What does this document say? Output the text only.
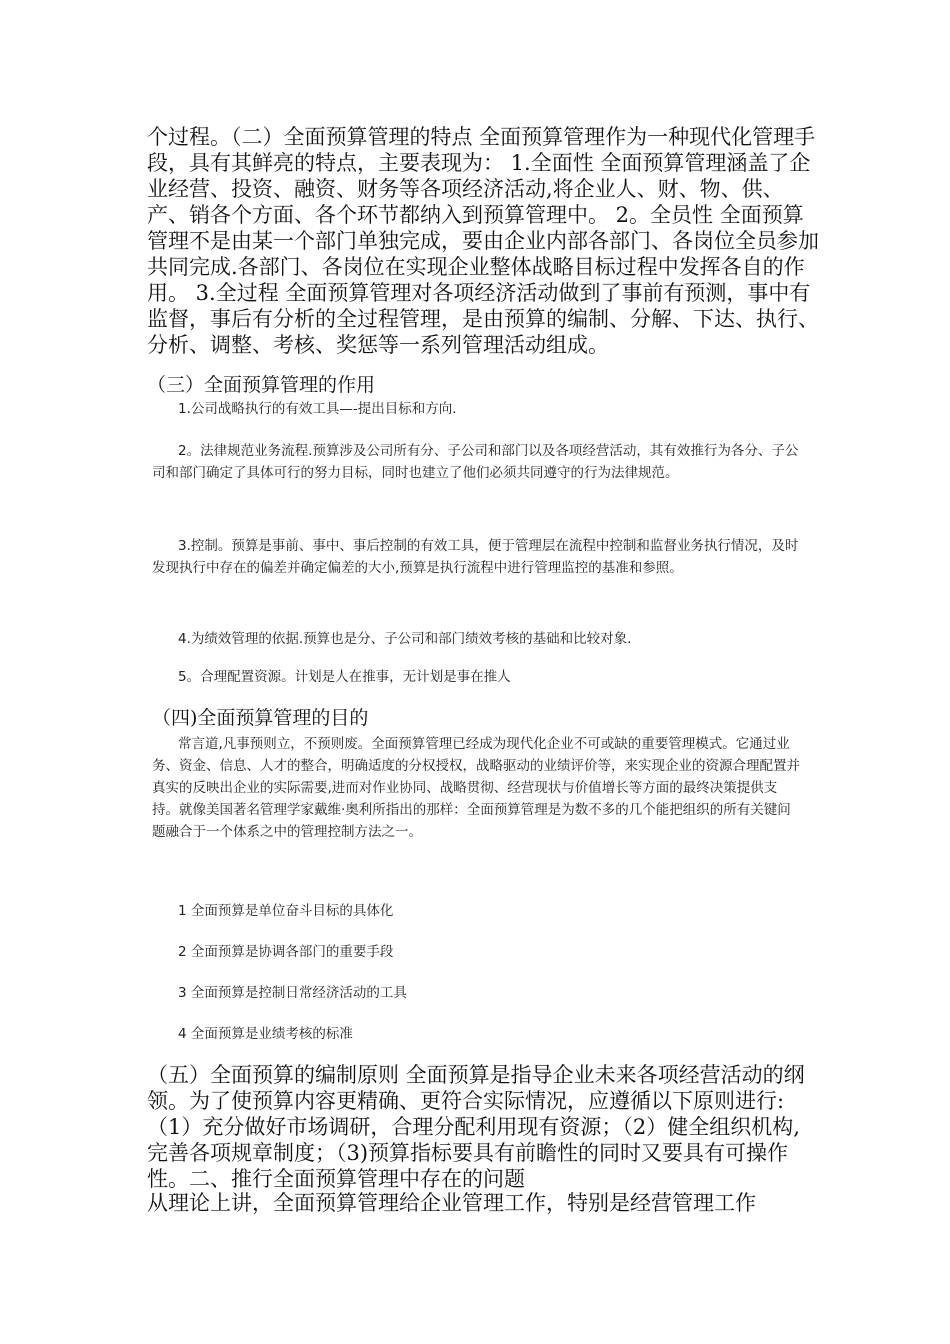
个过程。（二）全面预算管理的特点 全面预算管理作为一种现代化管理手段，具有其鲜亮的特点，主要表现为： 1.全面性 全面预算管理涵盖了企业经营、投资、融资、财务等各项经济活动,将企业人、财、物、供、产、销各个方面、各个环节都纳入到预算管理中。 2。全员性 全面预算管理不是由某一个部门单独完成，要由企业内部各部门、各岗位全员参加共同完成.各部门、各岗位在实现企业整体战略目标过程中发挥各自的作用。 3.全过程 全面预算管理对各项经济活动做到了事前有预测，事中有监督，事后有分析的全过程管理，是由预算的编制、分解、下达、执行、分析、调整、考核、奖惩等一系列管理活动组成。

（三）全面预算管理的作用

1.公司战略执行的有效工具—-提出目标和方向.

2。法律规范业务流程.预算涉及公司所有分、子公司和部门以及各项经营活动，其有效推行为各分、子公司和部门确定了具体可行的努力目标，同时也建立了他们必须共同遵守的行为法律规范。

3.控制。预算是事前、事中、事后控制的有效工具，便于管理层在流程中控制和监督业务执行情况，及时发现执行中存在的偏差并确定偏差的大小,预算是执行流程中进行管理监控的基准和参照。

4.为绩效管理的依据.预算也是分、子公司和部门绩效考核的基础和比较对象.

5。合理配置资源。计划是人在推事，无计划是事在推人

（四)全面预算管理的目的

常言道,凡事预则立，不预则废。全面预算管理已经成为现代化企业不可或缺的重要管理模式。它通过业务、资金、信息、人才的整合，明确适度的分权授权，战略驱动的业绩评价等，来实现企业的资源合理配置并真实的反映出企业的实际需要,进而对作业协同、战略贯彻、经营现状与价值增长等方面的最终决策提供支持。就像美国著名管理学家戴维·奥利所指出的那样：全面预算管理是为数不多的几个能把组织的所有关键问题融合于一个体系之中的管理控制方法之一。

1 全面预算是单位奋斗目标的具体化

2 全面预算是协调各部门的重要手段

3 全面预算是控制日常经济活动的工具

4 全面预算是业绩考核的标准

（五）全面预算的编制原则 全面预算是指导企业未来各项经营活动的纲领。为了使预算内容更精确、更符合实际情况，应遵循以下原则进行:（1）充分做好市场调研，合理分配利用现有资源；（2）健全组织机构,完善各项规章制度；（3)预算指标要具有前瞻性的同时又要具有可操作性。二、推行全面预算管理中存在的问题

从理论上讲，全面预算管理给企业管理工作，特别是经营管理工作
